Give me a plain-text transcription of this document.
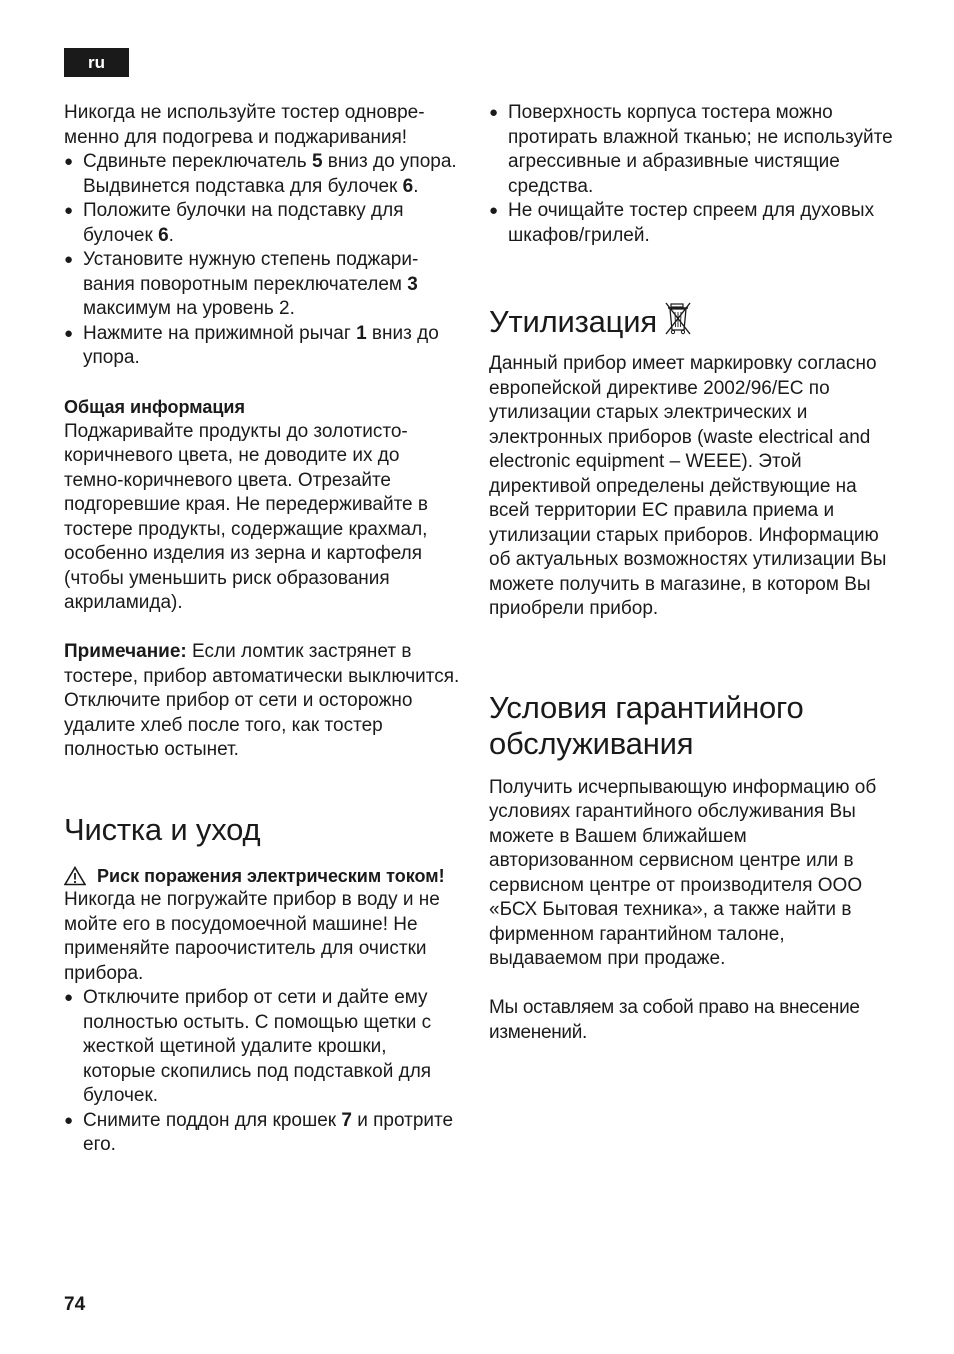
ru

Никогда не используйте тостер одновре-менно для подогрева и поджаривания!

● Сдвиньте переключатель 5 вниз до упора. Выдвинется подставка для булочек 6.
● Положите булочки на подставку для булочек 6.
● Установите нужную степень поджари-вания поворотным переключателем 3 максимум на уровень 2.
● Нажмите на прижимной рычаг 1 вниз до упора.
Общая информация

Поджаривайте продукты до золотисто-коричневого цвета, не доводите их до темно-коричневого цвета. Отрезайте подгоревшие края. Не передерживайте в тостере продукты, содержащие крахмал, особенно изделия из зерна и картофеля (чтобы уменьшить риск образования акриламида).

Примечание: Если ломтик застрянет в тостере, прибор автоматически выключится. Отключите прибор от сети и осторожно удалите хлеб после того, как тостер полностью остынет.

Чистка и уход
Риск поражения электрическим током!

Никогда не погружайте прибор в воду и не мойте его в посудомоечной машине! Не применяйте пароочиститель для очистки прибора.

● Отключите прибор от сети и дайте ему полностью остыть. С помощью щетки с жесткой щетиной удалите крошки, которые скопились под подставкой для булочек.
● Снимите поддон для крошек 7 и протрите его.
● Поверхность корпуса тостера можно протирать влажной тканью; не используйте агрессивные и абразивные чистящие средства.
● Не очищайте тостер спреем для духовых шкафов/грилей.
Утилизация

Данный прибор имеет маркировку согласно европейской директиве 2002/96/ЕС по утилизации старых электрических и электронных приборов (waste electrical and electronic equipment – WEEE). Этой директивой определены действующие на всей территории ЕС правила приема и утилизации старых приборов. Информацию об актуальных возможностях утилизации Вы можете получить в магазине, в котором Вы приобрели прибор.

Условия гарантийного
обслуживания

Получить исчерпывающую информацию об условиях гарантийного обслуживания Вы можете в Вашем ближайшем авторизованном сервисном центре или в сервисном центре от производителя ООО «БСХ Бытовая техника», а также найти в фирменном гарантийном талоне, выдаваемом при продаже.

Мы оставляем за собой право на внесение изменений.

74
